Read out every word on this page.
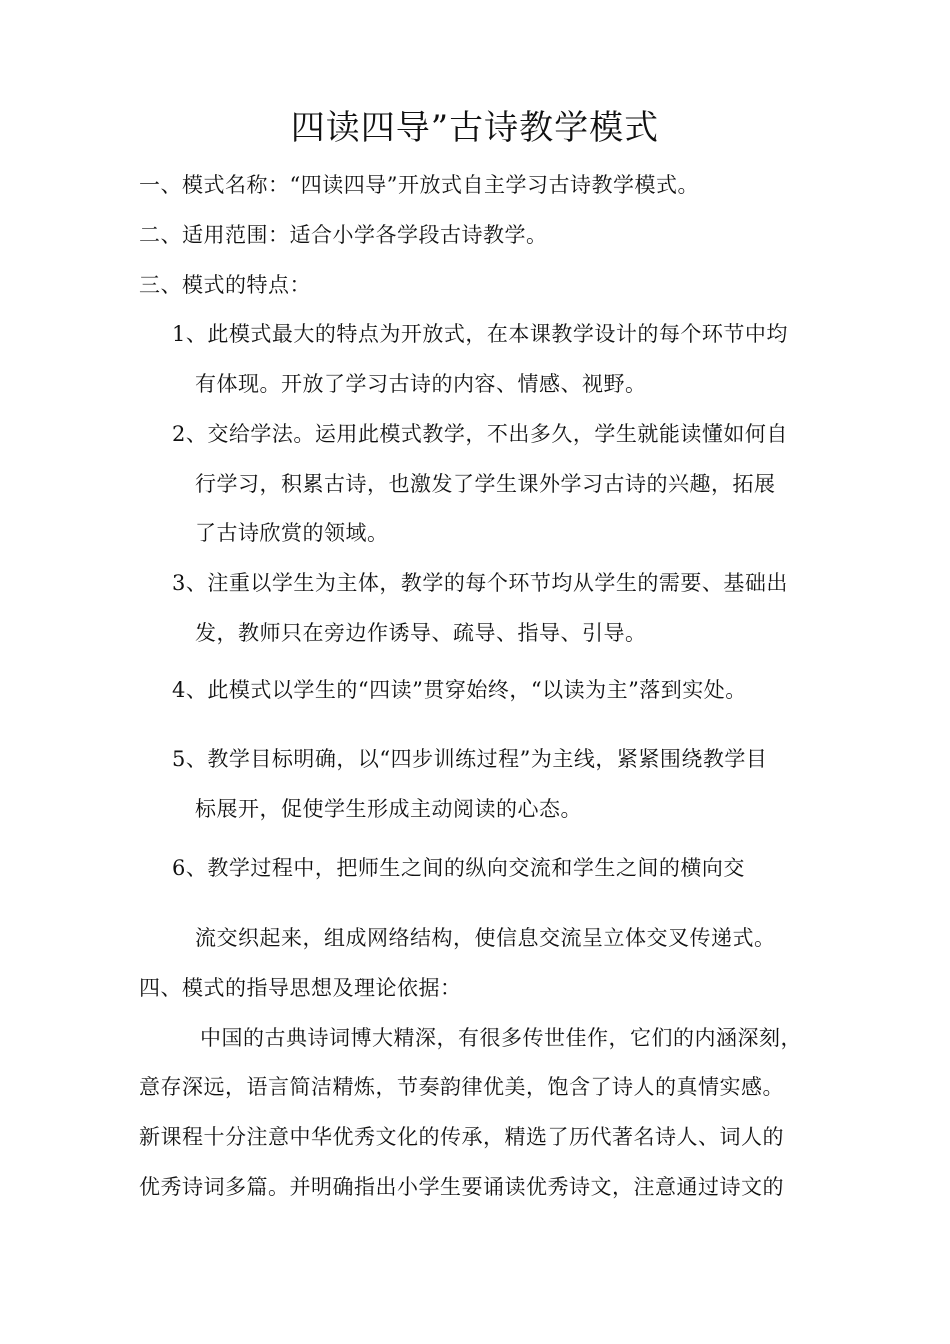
四读四导”古诗教学模式
一、模式名称：“四读四导”开放式自主学习古诗教学模式。
二、适用范围：适合小学各学段古诗教学。
三、模式的特点：
1、此模式最大的特点为开放式，在本课教学设计的每个环节中均
有体现。开放了学习古诗的内容、情感、视野。
2、交给学法。运用此模式教学，不出多久，学生就能读懂如何自
行学习，积累古诗，也激发了学生课外学习古诗的兴趣，拓展
了古诗欣赏的领域。
3、注重以学生为主体，教学的每个环节均从学生的需要、基础出
发，教师只在旁边作诱导、疏导、指导、引导。
4、此模式以学生的“四读”贯穿始终，“以读为主”落到实处。
5、教学目标明确，以“四步训练过程”为主线，紧紧围绕教学目
标展开，促使学生形成主动阅读的心态。
6、教学过程中，把师生之间的纵向交流和学生之间的横向交
流交织起来，组成网络结构，使信息交流呈立体交叉传递式。
四、模式的指导思想及理论依据：
中国的古典诗词博大精深，有很多传世佳作，它们的内涵深刻，
意存深远，语言简洁精炼，节奏韵律优美，饱含了诗人的真情实感。
新课程十分注意中华优秀文化的传承，精选了历代著名诗人、词人的
优秀诗词多篇。并明确指出小学生要诵读优秀诗文，注意通过诗文的
